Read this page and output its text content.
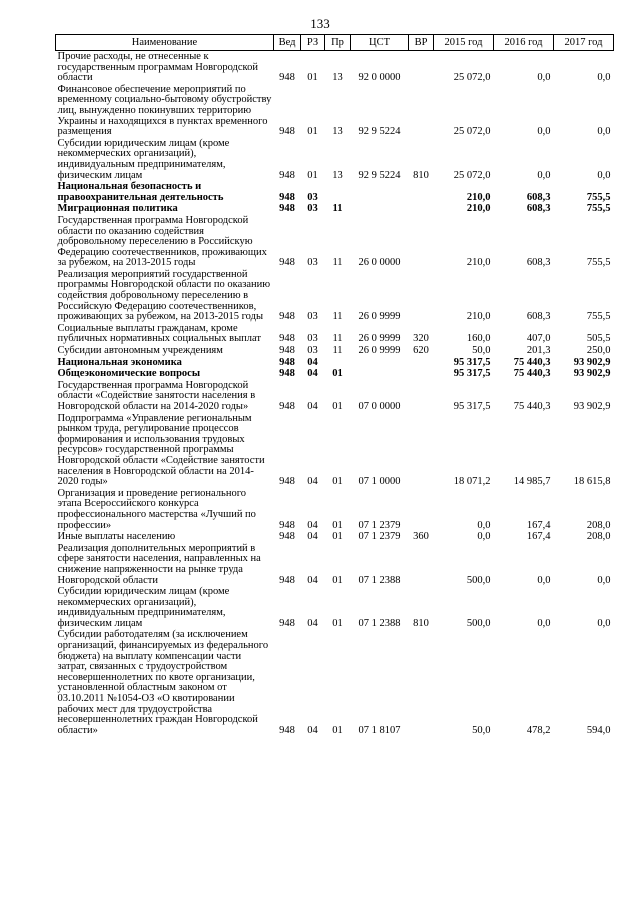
133
Наименование	Вед	РЗ	Пр	ЦСТ	ВР	2015 год	2016 год	2017 год
Прочие расходы, не отнесенные к государственным программам Новгородской области	948	01	13	92 0 0000		25 072,0	0,0	0,0
Финансовое обеспечение мероприятий по временному социально-бытовому обустройству лиц, вынужденно покинувших территорию Украины и находящихся в пунктах временного размещения	948	01	13	92 9 5224		25 072,0	0,0	0,0
Субсидии юридическим лицам (кроме некоммерческих организаций), индивидуальным предпринимателям, физическим лицам	948	01	13	92 9 5224	810	25 072,0	0,0	0,0
Национальная безопасность и правоохранительная деятельность	948	03				210,0	608,3	755,5
Миграционная политика	948	03	11			210,0	608,3	755,5
Государственная программа Новгородской области по оказанию содействия добровольному переселению в Российскую Федерацию соотечественников, проживающих за рубежом, на 2013-2015 годы	948	03	11	26 0 0000		210,0	608,3	755,5
Реализация мероприятий государственной программы Новгородской области по оказанию содействия добровольному переселению в Российскую Федерацию соотечественников, проживающих за рубежом, на 2013-2015 годы	948	03	11	26 0 9999		210,0	608,3	755,5
Социальные выплаты гражданам, кроме публичных нормативных социальных выплат	948	03	11	26 0 9999	320	160,0	407,0	505,5
Субсидии автономным учреждениям	948	03	11	26 0 9999	620	50,0	201,3	250,0
Национальная экономика	948	04				95 317,5	75 440,3	93 902,9
Общеэкономические вопросы	948	04	01			95 317,5	75 440,3	93 902,9
Государственная программа Новгородской области «Содействие занятости населения в Новгородской области на 2014-2020 годы»	948	04	01	07 0 0000		95 317,5	75 440,3	93 902,9
Подпрограмма «Управление региональным рынком труда, регулирование процессов формирования и использования трудовых ресурсов» государственной программы Новгородской области «Содействие занятости населения в Новгородской области на 2014-2020 годы»	948	04	01	07 1 0000		18 071,2	14 985,7	18 615,8
Организация и проведение регионального этапа Всероссийского конкурса профессионального мастерства «Лучший по профессии»	948	04	01	07 1 2379		0,0	167,4	208,0
Иные выплаты населению	948	04	01	07 1 2379	360	0,0	167,4	208,0
Реализация дополнительных мероприятий в сфере занятости населения, направленных на снижение напряженности на рынке труда Новгородской области	948	04	01	07 1 2388		500,0	0,0	0,0
Субсидии юридическим лицам (кроме некоммерческих организаций), индивидуальным предпринимателям, физическим лицам	948	04	01	07 1 2388	810	500,0	0,0	0,0
Субсидии работодателям (за исключением организаций, финансируемых из федерального бюджета) на выплату компенсации части затрат, связанных с трудоустройством несовершеннолетних по квоте организации, установленной областным законом от 03.10.2011 №1054-ОЗ «О квотировании рабочих мест для трудоустройства несовершеннолетних граждан Новгородской области»	948	04	01	07 1 8107		50,0	478,2	594,0
